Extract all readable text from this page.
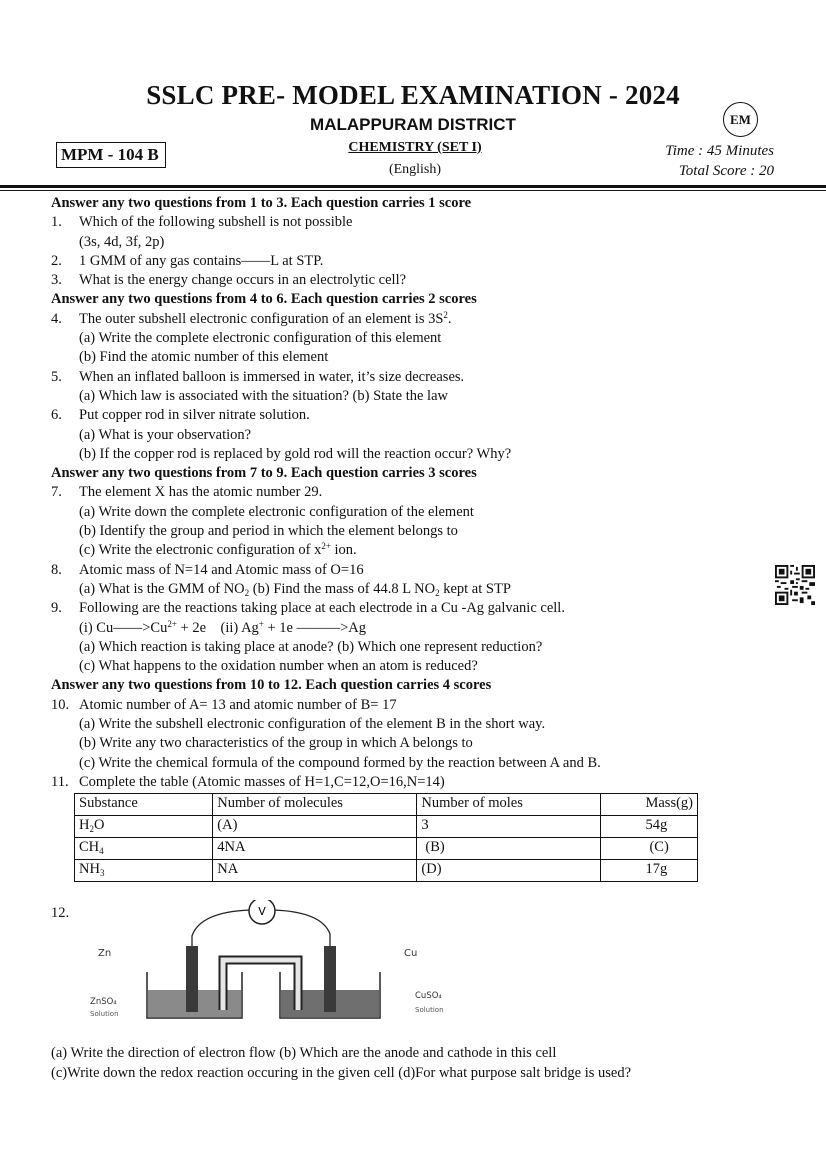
SSLC PRE- MODEL EXAMINATION - 2024
MALAPPURAM DISTRICT	EM
MPM - 104 B	CHEMISTRY (SET I)
(English)
Time : 45 Minutes
Total Score : 20
Answer any two questions from 1 to 3. Each question carries 1 score
1.	Which of the following subshell is not possible
(3s, 4d, 3f, 2p)
2.	1 GMM of any gas contains——L at STP.
3.	What is the energy change occurs in an electrolytic cell?
Answer any two questions from 4 to 6. Each question carries 2 scores
4.	The outer subshell electronic configuration of an element is $3S^2$.
(a) Write the complete electronic configuration of this element
(b) Find the atomic number of this element
5.	When an inflated balloon is immersed in water, it’s size decreases.
(a) Which law is associated with the situation? (b) State the law
6.	Put copper rod in silver nitrate solution.
(a) What is your observation?
(b) If the copper rod is replaced by gold rod will the reaction occur? Why?
Answer any two questions from 7 to 9. Each question carries 3 scores
7.	The element X has the atomic number 29.
(a) Write down the complete electronic configuration of the element
(b) Identify the group and period in which the element belongs to
(c) Write the electronic configuration of $x^{2+}$ ion.
8.	Atomic mass of N=14 and Atomic mass of O=16
(a) What is the GMM of $NO_2$ (b) Find the mass of 44.8 L $NO_2$ kept at STP
9.	Following are the reactions taking place at each electrode in a Cu -Ag galvanic cell.
(i) $Cu——>Cu^{2+} + 2e$    (ii) Ag+ + 1e ———>Ag
(a) Which reaction is taking place at anode? (b) Which one represent reduction?
(c) What happens to the oxidation number when an atom is reduced?
Answer any two questions from 10 to 12. Each question carries 4 scores
10. Atomic number of A= 13 and atomic number of B= 17
(a) Write the subshell electronic configuration of the element B in the short way.
(b) Write any two characteristics of the group in which A belongs to
(c) Write the chemical formula of the compound formed by the reaction between A and B.
11. Complete the table (Atomic masses of H=1,C=12,O=16,N=14)
Substance	Number of molecules	Number of moles	Mass(g)
$H_2O$	(A)	3	54g
$CH_4$	4NA	(B)	(C)
$NH_3$	NA	(D)	17g
12.	V
Zn	Cu
ZnSO₄
Solution
CuSO₄
Solution
(a) Write the direction of electron flow (b) Which are the anode and cathode in this cell
(c)Write down the redox reaction occuring in the given cell (d)For what purpose salt bridge is used?
